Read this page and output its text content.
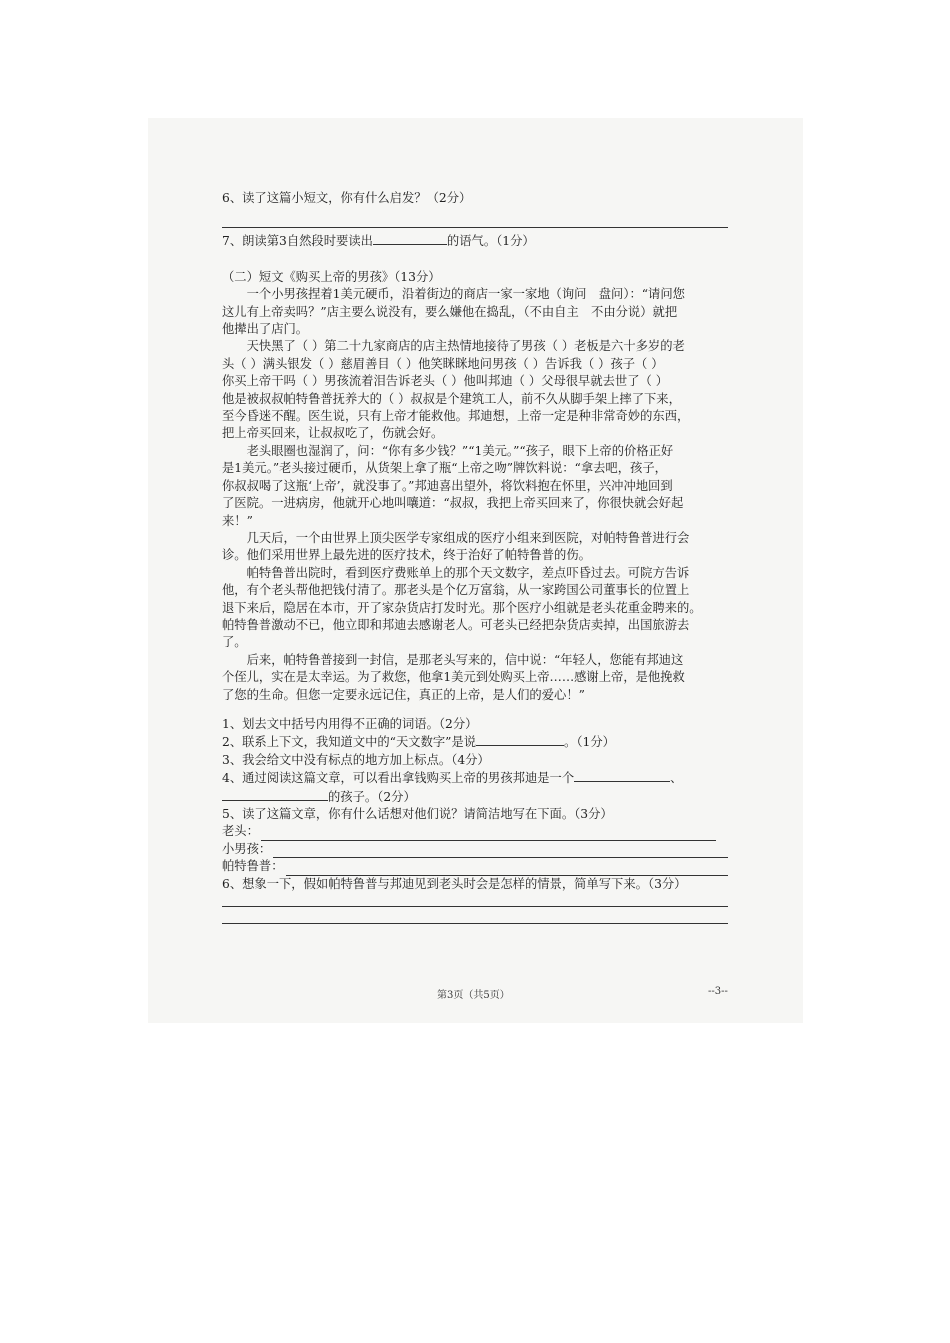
6、读了这篇小短文，你有什么启发？（2分）
7、朗读第3自然段时要读出	的语气。（1分）
（二）短文《购买上帝的男孩》（13分）
一个小男孩捏着1美元硬币，沿着街边的商店一家一家地（询问　盘问）：“请问您
这儿有上帝卖吗？”店主要么说没有，要么嫌他在捣乱，（不由自主　不由分说）就把
他撵出了店门。
天快黑了（ ）第二十九家商店的店主热情地接待了男孩（ ）老板是六十多岁的老
头（ ）满头银发（ ）慈眉善目（ ）他笑眯眯地问男孩（ ）告诉我（ ）孩子（ ）
你买上帝干吗（ ）男孩流着泪告诉老头（ ）他叫邦迪（ ）父母很早就去世了（ ）
他是被叔叔帕特鲁普抚养大的（ ）叔叔是个建筑工人，前不久从脚手架上摔了下来，
至今昏迷不醒。医生说，只有上帝才能救他。邦迪想，上帝一定是种非常奇妙的东西，
把上帝买回来，让叔叔吃了，伤就会好。
老头眼圈也湿润了，问：“你有多少钱？”“1美元。”“孩子，眼下上帝的价格正好
是1美元。”老头接过硬币，从货架上拿了瓶“上帝之吻”牌饮料说：“拿去吧，孩子，
你叔叔喝了这瓶‘上帝’，就没事了。”邦迪喜出望外，将饮料抱在怀里，兴冲冲地回到
了医院。一进病房，他就开心地叫嚷道：“叔叔，我把上帝买回来了，你很快就会好起
来！”
几天后，一个由世界上顶尖医学专家组成的医疗小组来到医院，对帕特鲁普进行会
诊。他们采用世界上最先进的医疗技术，终于治好了帕特鲁普的伤。
帕特鲁普出院时，看到医疗费账单上的那个天文数字，差点吓昏过去。可院方告诉
他，有个老头帮他把钱付清了。那老头是个亿万富翁，从一家跨国公司董事长的位置上
退下来后，隐居在本市，开了家杂货店打发时光。那个医疗小组就是老头花重金聘来的。
帕特鲁普激动不已，他立即和邦迪去感谢老人。可老头已经把杂货店卖掉，出国旅游去
了。
后来，帕特鲁普接到一封信，是那老头写来的，信中说：“年轻人，您能有邦迪这
个侄儿，实在是太幸运。为了救您，他拿1美元到处购买上帝……感谢上帝，是他挽救
了您的生命。但您一定要永远记住，真正的上帝，是人们的爱心！”
1、划去文中括号内用得不正确的词语。（2分）
2、联系上下文，我知道文中的“天文数字”是说	。（1分）
3、我会给文中没有标点的地方加上标点。（4分）
4、通过阅读这篇文章，可以看出拿钱购买上帝的男孩邦迪是一个	、
的孩子。（2分）
5、读了这篇文章，你有什么话想对他们说？请简洁地写在下面。（3分）
老头：
小男孩：
帕特鲁普：
6、想象一下，假如帕特鲁普与邦迪见到老头时会是怎样的情景，简单写下来。（3分）
第3页（共5页）	--3--
